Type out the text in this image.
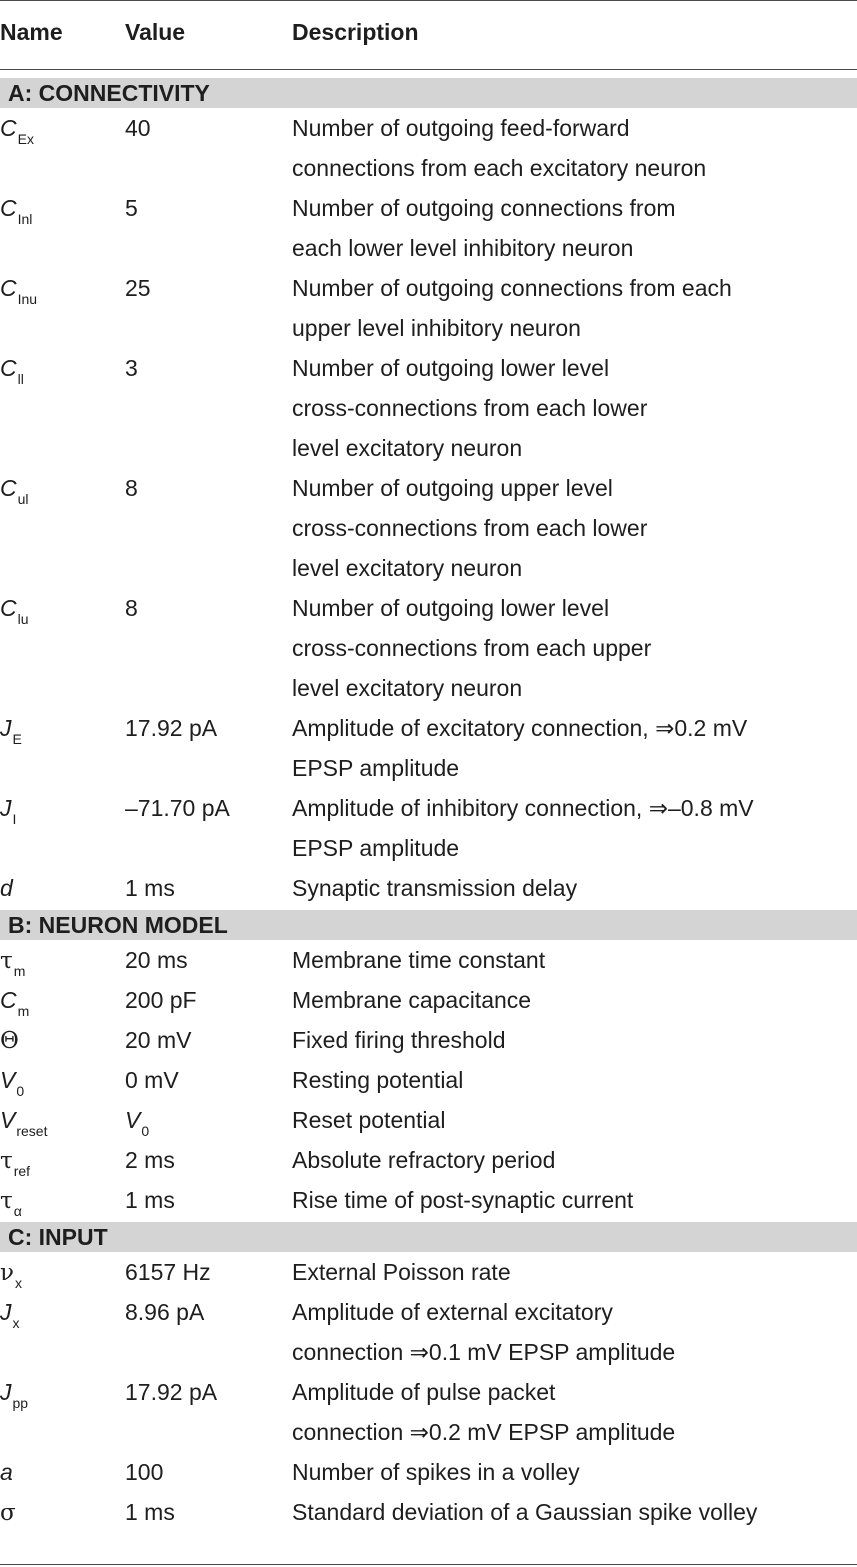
Name	Value	Description
A: CONNECTIVITY
$C_{Ex}$	40	Number of outgoing feed-forward
connections from each excitatory neuron
$C_{Inl}$	5	Number of outgoing connections from
each lower level inhibitory neuron
$C_{Inu}$	25	Number of outgoing connections from each
upper level inhibitory neuron
$C_{ll}$	3	Number of outgoing lower level
cross-connections from each lower
level excitatory neuron
$C_{ul}$	8	Number of outgoing upper level
cross-connections from each lower
level excitatory neuron
$C_{lu}$	8	Number of outgoing lower level
cross-connections from each upper
level excitatory neuron
$J_E$	17.92 pA	Amplitude of excitatory connection, ⇒0.2 mV
EPSP amplitude
$J_I$	–71.70 pA	Amplitude of inhibitory connection, ⇒–0.8 mV
EPSP amplitude
d	1 ms	Synaptic transmission delay
B: NEURON MODEL
$\tau_m$	20 ms	Membrane time constant
$C_m$	200 pF	Membrane capacitance
Θ	20 mV	Fixed firing threshold
$V_0$	0 mV	Resting potential
$V_{reset}$	$V_0$	Reset potential
$\tau_{ref}$	2 ms	Absolute refractory period
$\tau_\alpha$	1 ms	Rise time of post-synaptic current
C: INPUT
$\nu_x$	6157 Hz	External Poisson rate
$J_x$	8.96 pA	Amplitude of external excitatory
connection ⇒0.1 mV EPSP amplitude
$J_{pp}$	17.92 pA	Amplitude of pulse packet
connection ⇒0.2 mV EPSP amplitude
a	100	Number of spikes in a volley
σ	1 ms	Standard deviation of a Gaussian spike volley
